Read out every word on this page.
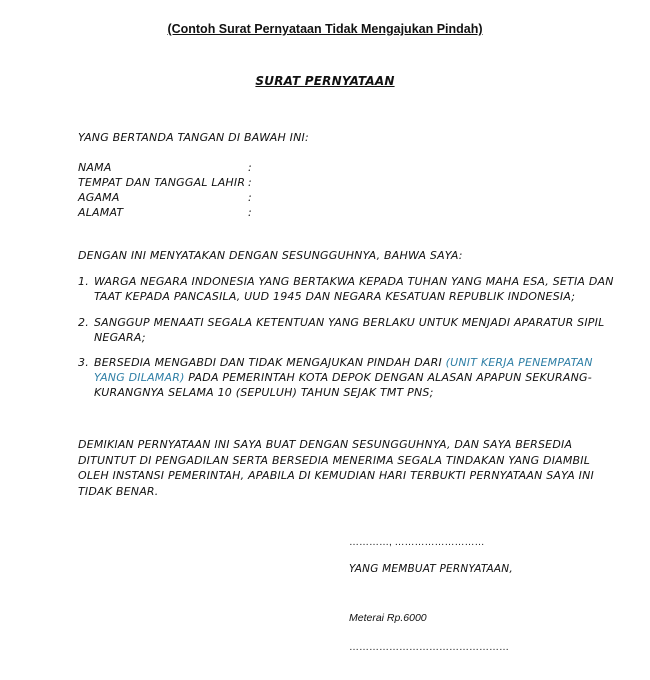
(Contoh Surat Pernyataan Tidak Mengajukan Pindah)
SURAT PERNYATAAN
YANG BERTANDA TANGAN DI BAWAH INI:
NAMA	:
TEMPAT DAN TANGGAL LAHIR :
AGAMA	:
ALAMAT	:
DENGAN INI MENYATAKAN DENGAN SESUNGGUHNYA, BAHWA SAYA:
1. WARGA NEGARA INDONESIA YANG BERTAKWA KEPADA TUHAN YANG MAHA ESA, SETIA DAN
TAAT KEPADA PANCASILA, UUD 1945 DAN NEGARA KESATUAN REPUBLIK INDONESIA;
2. SANGGUP MENAATI SEGALA KETENTUAN YANG BERLAKU UNTUK MENJADI APARATUR SIPIL
NEGARA;
3. BERSEDIA MENGABDI DAN TIDAK MENGAJUKAN PINDAH DARI (UNIT KERJA PENEMPATAN
YANG DILAMAR) PADA PEMERINTAH KOTA DEPOK DENGAN ALASAN APAPUN SEKURANG-
KURANGNYA SELAMA 10 (SEPULUH) TAHUN SEJAK TMT PNS;
DEMIKIAN PERNYATAAN INI SAYA BUAT DENGAN SESUNGGUHNYA, DAN SAYA BERSEDIA
DITUNTUT DI PENGADILAN SERTA BERSEDIA MENERIMA SEGALA TINDAKAN YANG DIAMBIL
OLEH INSTANSI PEMERINTAH, APABILA DI KEMUDIAN HARI TERBUKTI PERNYATAAN SAYA INI
TIDAK BENAR.
…………, ………………………
YANG MEMBUAT PERNYATAAN,
Meterai Rp.6000
…………………………………………
